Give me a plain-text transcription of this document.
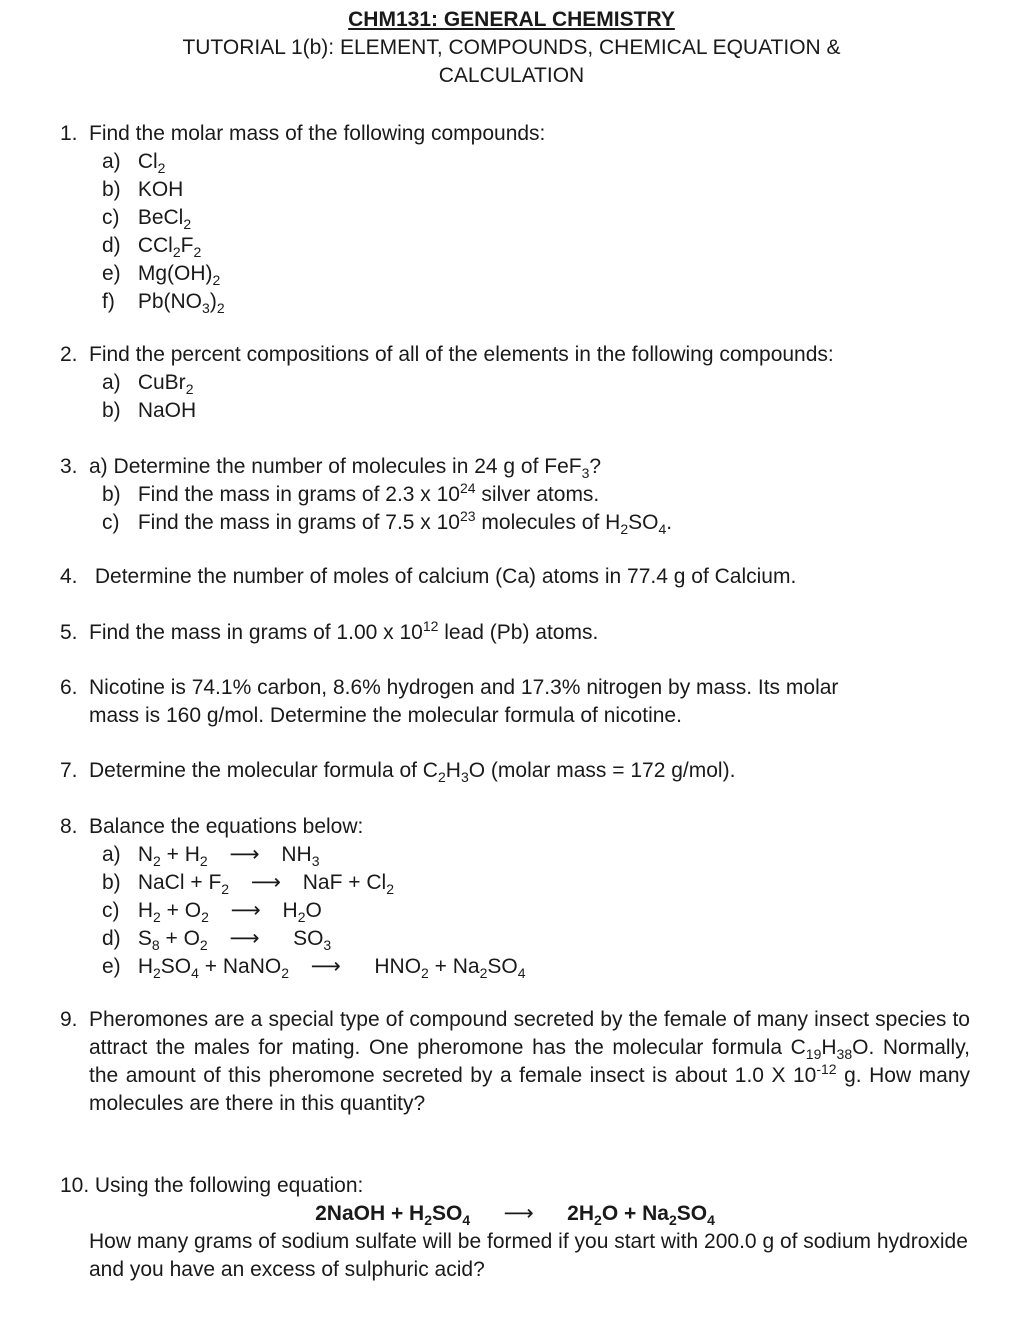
CHM131: GENERAL CHEMISTRY
TUTORIAL 1(b): ELEMENT, COMPOUNDS, CHEMICAL EQUATION &
CALCULATION
1. Find the molar mass of the following compounds:
a) $Cl_2$
b) KOH
c) BeCl$_2$
d) $CCl_2F_2$
e) $Mg(OH)_2$
f) $Pb(NO_3)_2$
2. Find the percent compositions of all of the elements in the following compounds:
a) CuBr$_2$
b) NaOH
3. a) Determine the number of molecules in 24 g of FeF$_3$?
b) Find the mass in grams of 2.3 x $10^{24}$ silver atoms.
c) Find the mass in grams of 7.5 x $10^{23}$ molecules of $H_2SO_4$.
4. Determine the number of moles of calcium (Ca) atoms in 77.4 g of Calcium.
5. Find the mass in grams of 1.00 x $10^{12}$ lead (Pb) atoms.
6. Nicotine is 74.1% carbon, 8.6% hydrogen and 17.3% nitrogen by mass. Its molar
mass is 160 g/mol. Determine the molecular formula of nicotine.
7. Determine the molecular formula of $C_2H_3O$ (molar mass = 172 g/mol).
8. Balance the equations below:
a) $N_2 + H_2$ ⟶ $NH_3$
b) NaCl + $F_2$ ⟶ NaF + $Cl_2$
c) $H_2 + O_2$ ⟶ $H_2O$
d) $S_8 + O_2$ ⟶   $SO_3$
e) $H_2SO_4$ + NaNO$_2$ ⟶   $HNO_2 + Na_2SO_4$
9. Pheromones are a special type of compound secreted by the female of many insect species to attract the males for mating. One pheromone has the molecular formula $C_{19}H_{38}O$. Normally, the amount of this pheromone secreted by a female insect is about 1.0 X $10^{-12}$ g. How many molecules are there in this quantity?
10. Using the following equation:
2NaOH + $H_2SO_4$ ⟶   $2H_2O + Na_2SO_4$
How many grams of sodium sulfate will be formed if you start with 200.0 g of sodium hydroxide and you have an excess of sulphuric acid?
